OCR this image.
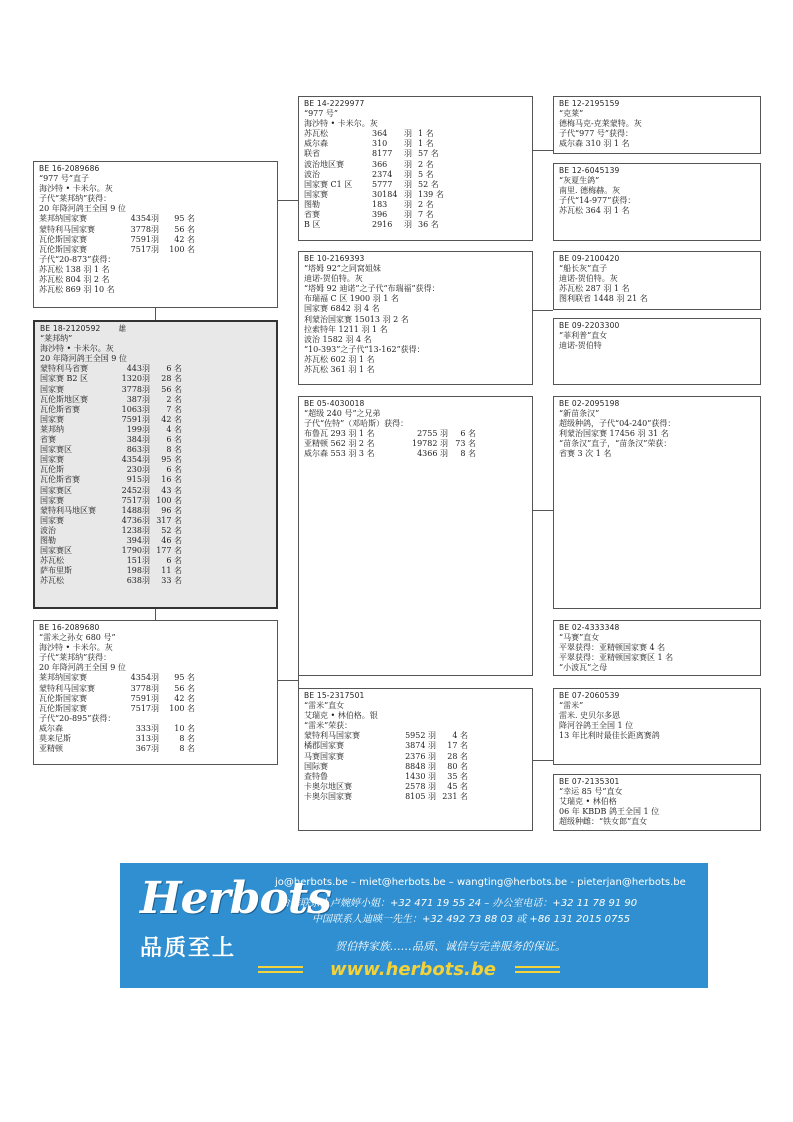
BE 16-2089686
“977 号”直子
海沙特 • 卡米尔。灰
子代“莱邦纳”获得：
20 年降河鸽王全国 9 位
莱邦纳国家赛	4354 羽	95 名
蒙特利马国家赛	3778 羽	56 名
瓦伦斯国家赛	7591 羽	42 名
瓦伦斯国家赛	7517 羽	100 名
子代“20-873”获得：
苏瓦松 138 羽 1 名
苏瓦松 804 羽 2 名
苏瓦松 869 羽 10 名
BE 18-2120592 雄
“莱邦纳”
海沙特 • 卡米尔。灰
20 年降河鸽王全国 9 位
蒙特利马省赛	443 羽	6 名
国家赛 B2 区	1320 羽	28 名
国家赛	3778 羽	56 名
瓦伦斯地区赛	387 羽	2 名
瓦伦斯省赛	1063 羽	7 名
国家赛	7591 羽	42 名
莱邦纳	199 羽	4 名
省赛	384 羽	6 名
国家赛区	863 羽	8 名
国家赛	4354 羽	95 名
瓦伦斯	230 羽	6 名
瓦伦斯省赛	915 羽	16 名
国家赛区	2452 羽	43 名
国家赛	7517 羽 100 名
蒙特利马地区赛	1488 羽	96 名
国家赛	4736 羽 317 名
波治	1238 羽	52 名
图勒	394 羽	46 名
国家赛区	1790 羽 177 名
苏瓦松	151 羽	6 名
萨布里斯	198 羽	11 名
苏瓦松	638 羽	33 名
BE 16-2089680
“雷米之孙女 680 号”
海沙特 • 卡米尔。灰
子代“莱邦纳”获得：
20 年降河鸽王全国 9 位
莱邦纳国家赛	4354 羽	95 名
蒙特利马国家赛	3778 羽	56 名
瓦伦斯国家赛	7591 羽	42 名
瓦伦斯国家赛	7517 羽	100 名
子代“20-895”获得：
威尔森	333 羽	10 名
莫来尼斯	313 羽	8 名
亚精顿	367 羽	8 名
BE 14-2229977
“977 号”
海沙特 • 卡米尔。灰
苏瓦松	364	羽 1 名
威尔森	310	羽 1 名
联省	8177	羽 57 名
波治地区赛	366	羽 2 名
波治	2374	羽 5 名
国家赛 C1 区	5777	羽 52 名
国家赛	30184 羽 139 名
图勒	183	羽 2 名
省赛	396	羽 7 名
B 区	2916	羽 36 名
BE 10-2169393
“塔姆 92”之同窝姐妹
迪诺-贺伯特。灰
“塔姆 92 迪诺”之子代“布瑞福”获得：
布瑞福 C 区 1900 羽 1 名
国家赛 6842 羽 4 名
利蒙治国家赛 15013 羽 2 名
拉索特年 1211 羽 1 名
波治 1582 羽 4 名
“10-393”之子代“13-162”获得：
苏瓦松 602 羽 1 名
苏瓦松 361 羽 1 名
BE 05-4030018
“超级 240 号”之兄弟
子代“佐特”（邓哈斯）获得：
布鲁瓦 293 羽 1 名	2755 羽	6 名
亚精顿 562 羽 2 名	19782 羽 73 名
威尔森 553 羽 3 名	4366 羽	8 名
BE 15-2317501
“雷米”直女
艾瑞克 • 林伯格。银
“雷米”荣获：
蒙特利马国家赛	5952 羽	4 名
橘郡国家赛	3874 羽	17 名
马赛国家赛	2376 羽	28 名
国际赛	8848 羽	80 名
查特鲁	1430 羽	35 名
卡奥尔地区赛	2578 羽	45 名
卡奥尔国家赛	8105 羽 231 名
BE 12-2195159
“克莱”
德梅马克-克莱蒙特。灰
子代“977 号”获得：
威尔森 310 羽 1 名
BE 12-6045139
“灰夏生鸽”
南里. 德梅赫。灰
子代“14-977”获得：
苏瓦松 364 羽 1 名
BE 09-2100420
“船长灰”直子
迪诺-贺伯特。灰
苏瓦松 287 羽 1 名
图利联省 1448 羽 21 名
BE 09-2203300
“菲利普”直女
迪诺-贺伯特
BE 02-2095198
“新苗条汉”
超级种鸽，子代“04-240”获得：
利蒙治国家赛 17456 羽 31 名
“苗条汉”直子，“苗条汉”荣获：
省赛 3 次 1 名
BE 02-4333348
“马赛”直女
平翠获得：亚精顿国家赛 4 名
平翠获得：亚精顿国家赛区 1 名
“小波瓦”之母
BE 07-2060539
“雷米”
雷米. 史贝尔多恩
降河谷鸽王全国 1 位
13 年比利时最佳长距离赛鸽
BE 07-2135301
“幸运 85 号”直女
艾瑞克 • 林伯格
06 年 KBDB 鸽王全国 1 位
超级种雌：“铁女郎”直女
Herbots
品质至上
jo@herbots.be – miet@herbots.be – wangting@herbots.be - pieterjan@herbots.be
台湾联系人卢婉婷小姐：+32 471 19 55 24 – 办公室电话：+32 11 78 91 90
中国联系人迪暎一先生：+32 492 73 88 03 或 +86 131 2015 0755
贺伯特家族……品质、诚信与完善服务的保证。
www.herbots.be
